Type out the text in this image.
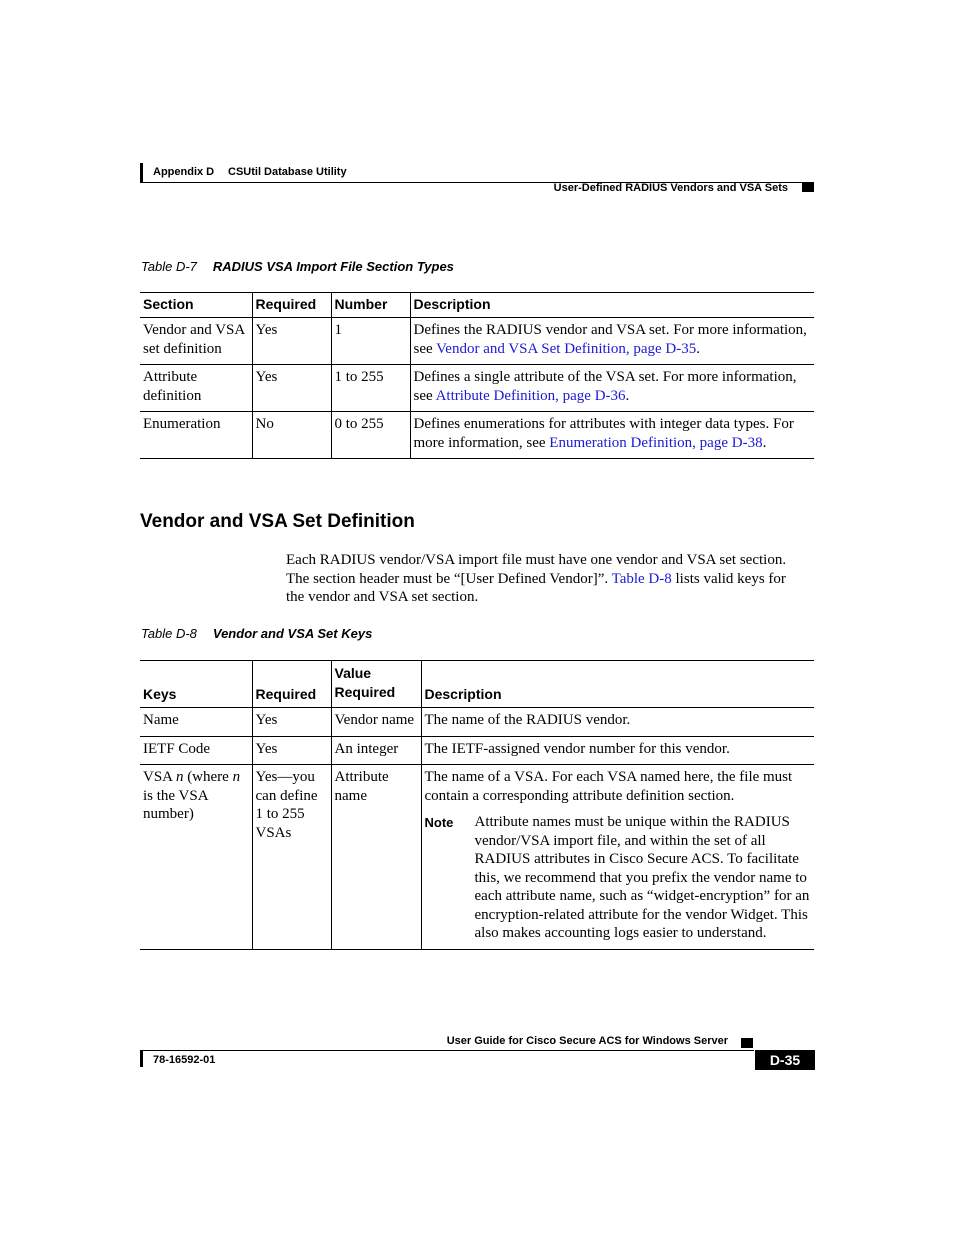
Appendix D CSUtil Database Utility
User-Defined RADIUS Vendors and VSA Sets
Table D-7 RADIUS VSA Import File Section Types
Section	Required	Number	Description
Vendor and VSA set definition	Yes	1	Defines the RADIUS vendor and VSA set. For more information, see Vendor and VSA Set Definition, page D-35.
Attribute definition	Yes	1 to 255	Defines a single attribute of the VSA set. For more information, see Attribute Definition, page D-36.
Enumeration	No	0 to 255	Defines enumerations for attributes with integer data types. For more information, see Enumeration Definition, page D-38.
Vendor and VSA Set Definition

Each RADIUS vendor/VSA import file must have one vendor and VSA set section. The section header must be “[User Defined Vendor]”. Table D-8 lists valid keys for the vendor and VSA set section.

Table D-8 Vendor and VSA Set Keys
Keys	Required	Value Required	Description
Name	Yes	Vendor name	The name of the RADIUS vendor.
IETF Code	Yes	An integer	The IETF-assigned vendor number for this vendor.
VSA n (where n is the VSA number)	Yes—you can define 1 to 255 VSAs	Attribute name	The name of a VSA. For each VSA named here, the file must contain a corresponding attribute definition section.
Note Attribute names must be unique within the RADIUS vendor/VSA import file, and within the set of all RADIUS attributes in Cisco Secure ACS. To facilitate this, we recommend that you prefix the vendor name to each attribute name, such as “widget-encryption” for an encryption-related attribute for the vendor Widget. This also makes accounting logs easier to understand.
User Guide for Cisco Secure ACS for Windows Server
78-16592-01	D-35
